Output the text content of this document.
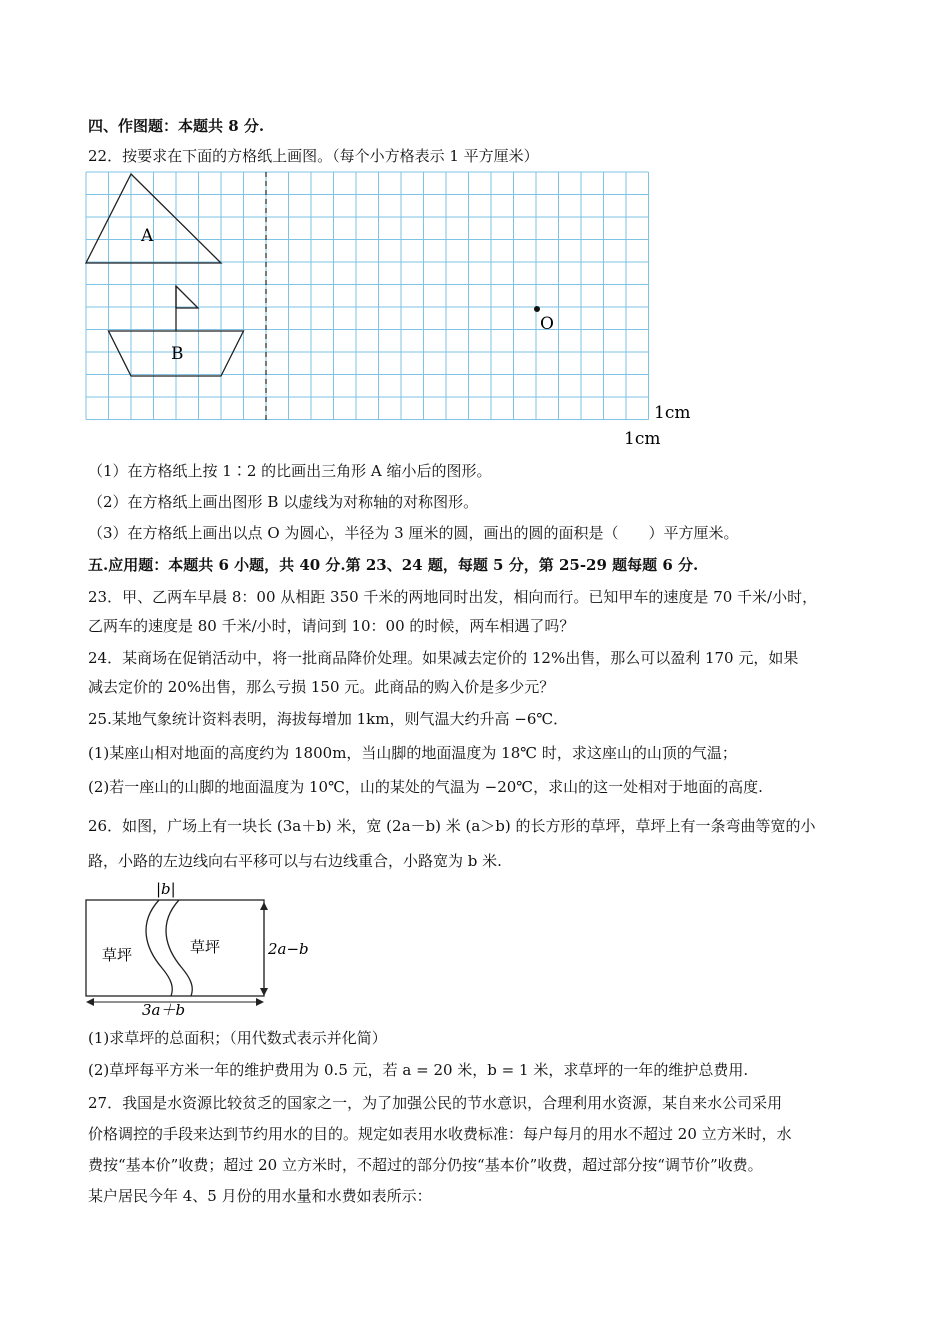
四、作图题：本题共 8 分.
22．按要求在下面的方格纸上画图。（每个小方格表示 1 平方厘米）
A
B
O
1cm
1cm
（1）在方格纸上按 1∶2 的比画出三角形 A 缩小后的图形。
（2）在方格纸上画出图形 B 以虚线为对称轴的对称图形。
（3）在方格纸上画出以点 O 为圆心，半径为 3 厘米的圆，画出的圆的面积是（　　）平方厘米。
五.应用题：本题共 6 小题，共 40 分.第 23、24 题，每题 5 分，第 25-29 题每题 6 分.
23．甲、乙两车早晨 8：00 从相距 350 千米的两地同时出发，相向而行。已知甲车的速度是 70 千米/小时，
乙两车的速度是 80 千米/小时，请问到 10：00 的时候，两车相遇了吗？
24．某商场在促销活动中，将一批商品降价处理。如果减去定价的 12%出售，那么可以盈利 170 元，如果
减去定价的 20%出售，那么亏损 150 元。此商品的购入价是多少元？
25.某地气象统计资料表明，海拔每增加 1km，则气温大约升高 −6℃．
(1)某座山相对地面的高度约为 1800m，当山脚的地面温度为 18℃ 时，求这座山的山顶的气温；
(2)若一座山的山脚的地面温度为 10℃，山的某处的气温为 −20℃，求山的这一处相对于地面的高度.
26．如图，广场上有一块长 (3a＋b) 米，宽 (2a－b) 米 (a＞b) 的长方形的草坪，草坪上有一条弯曲等宽的小
路，小路的左边线向右平移可以与右边线重合，小路宽为 b 米.
|b|
草坪	草坪	2a−b
3a＋b
(1)求草坪的总面积；（用代数式表示并化简）
(2)草坪每平方米一年的维护费用为 0.5 元，若 a = 20 米，b = 1 米，求草坪的一年的维护总费用.
27．我国是水资源比较贫乏的国家之一，为了加强公民的节水意识，合理利用水资源，某自来水公司采用
价格调控的手段来达到节约用水的目的。规定如表用水收费标准：每户每月的用水不超过 20 立方米时，水
费按“基本价”收费；超过 20 立方米时，不超过的部分仍按“基本价”收费，超过部分按“调节价”收费。
某户居民今年 4、5 月份的用水量和水费如表所示：
